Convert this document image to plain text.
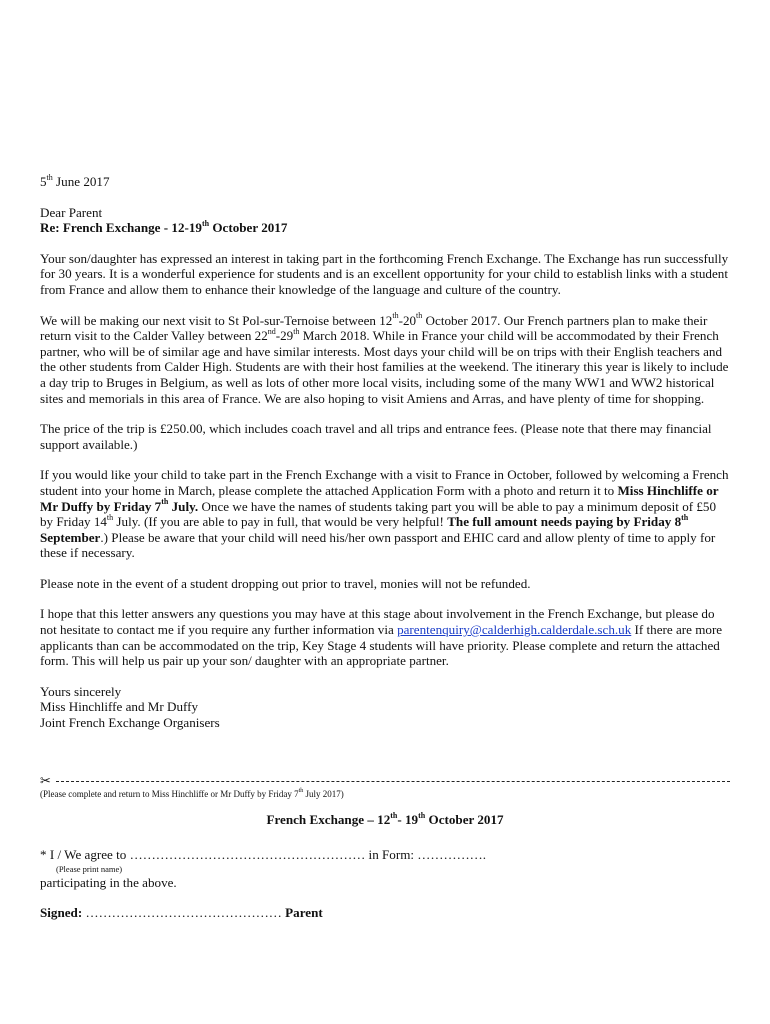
5th June 2017

Dear Parent

Re: French Exchange - 12-19th October 2017

Your son/daughter has expressed an interest in taking part in the forthcoming French Exchange. The Exchange has run successfully for 30 years. It is a wonderful experience for students and is an excellent opportunity for your child to establish links with a student from France and allow them to enhance their knowledge of the language and culture of the country.

We will be making our next visit to St Pol-sur-Ternoise between 12th-20th October 2017. Our French partners plan to make their return visit to the Calder Valley between 22nd-29th March 2018. While in France your child will be accommodated by their French partner, who will be of similar age and have similar interests. Most days your child will be on trips with their English teachers and the other students from Calder High. Students are with their host families at the weekend. The itinerary this year is likely to include a day trip to Bruges in Belgium, as well as lots of other more local visits, including some of the many WW1 and WW2 historical sites and memorials in this area of France. We are also hoping to visit Amiens and Arras, and have plenty of time for shopping.

The price of the trip is £250.00, which includes coach travel and all trips and entrance fees. (Please note that there may financial support available.)

If you would like your child to take part in the French Exchange with a visit to France in October, followed by welcoming a French student into your home in March, please complete the attached Application Form with a photo and return it to Miss Hinchliffe or Mr Duffy by Friday 7th July. Once we have the names of students taking part you will be able to pay a minimum deposit of £50 by Friday 14th July. (If you are able to pay in full, that would be very helpful! The full amount needs paying by Friday 8th September.) Please be aware that your child will need his/her own passport and EHIC card and allow plenty of time to apply for these if necessary.

Please note in the event of a student dropping out prior to travel, monies will not be refunded.

I hope that this letter answers any questions you may have at this stage about involvement in the French Exchange, but please do not hesitate to contact me if you require any further information via parentenquiry@calderhigh.calderdale.sch.uk If there are more applicants than can be accommodated on the trip, Key Stage 4 students will have priority. Please complete and return the attached form. This will help us pair up your son/ daughter with an appropriate partner.

Yours sincerely

Miss Hinchliffe and Mr Duffy

Joint French Exchange Organisers

✂
(Please complete and return to Miss Hinchliffe or Mr Duffy by Friday 7th July 2017)
French Exchange – 12th- 19th October 2017
* I / We agree to ……………………………………………… in Form: …………….
(Please print name)
participating in the above.
Signed: ……………………………………… Parent
